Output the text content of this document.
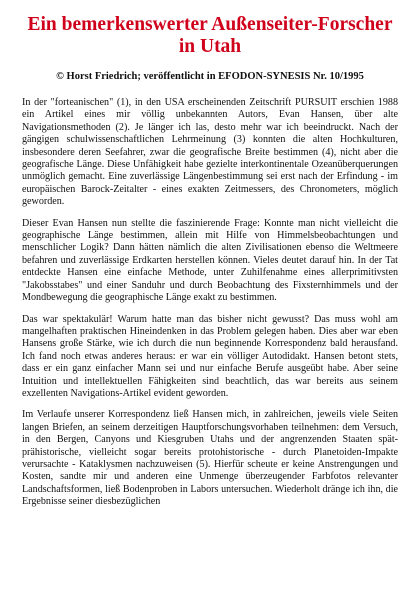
Ein bemerkenswerter Außenseiter-Forscher
in Utah
© Horst Friedrich; veröffentlicht in EFODON-SYNESIS Nr. 10/1995

In der "forteanischen" (1), in den USA erscheinenden Zeitschrift PURSUIT erschien 1988 ein Artikel eines mir völlig unbekannten Autors, Evan Hansen, über alte Navigationsmethoden (2). Je länger ich las, desto mehr war ich beeindruckt. Nach der gängigen schulwissenschaftlichen Lehrmeinung (3) konnten die alten Hochkulturen, insbesondere deren Seefahrer, zwar die geografische Breite bestimmen (4), nicht aber die geografische Länge. Diese Unfähigkeit habe gezielte interkontinentale Ozeanüberquerungen unmöglich gemacht. Eine zuverlässige Längenbestimmung sei erst nach der Erfindung - im europäischen Barock-Zeitalter - eines exakten Zeitmessers, des Chronometers, möglich geworden.

Dieser Evan Hansen nun stellte die faszinierende Frage: Konnte man nicht vielleicht die geographische Länge bestimmen, allein mit Hilfe von Himmelsbeobachtungen und menschlicher Logik? Dann hätten nämlich die alten Zivilisationen ebenso die Weltmeere befahren und zuverlässige Erdkarten herstellen können. Vieles deutet darauf hin. In der Tat entdeckte Hansen eine einfache Methode, unter Zuhilfenahme eines allerprimitivsten "Jakobsstabes" und einer Sanduhr und durch Beobachtung des Fixsternhimmels und der Mondbewegung die geographische Länge exakt zu bestimmen.

Das war spektakulär! Warum hatte man das bisher nicht gewusst? Das muss wohl am mangelhaften praktischen Hineindenken in das Problem gelegen haben. Dies aber war eben Hansens große Stärke, wie ich durch die nun beginnende Korrespondenz bald herausfand. Ich fand noch etwas anderes heraus: er war ein völliger Autodidakt. Hansen betont stets, dass er ein ganz einfacher Mann sei und nur einfache Berufe ausgeübt habe. Aber seine Intuition und intellektuellen Fähigkeiten sind beachtlich, das war bereits aus seinem exzellenten Navigations-Artikel evident geworden.

Im Verlaufe unserer Korrespondenz ließ Hansen mich, in zahlreichen, jeweils viele Seiten langen Briefen, an seinem derzeitigen Hauptforschungsvorhaben teilnehmen: dem Versuch, in den Bergen, Canyons und Kiesgruben Utahs und der angrenzenden Staaten spät-prähistorische, vielleicht sogar bereits protohistorische - durch Planetoiden-Impakte verursachte - Kataklysmen nachzuweisen (5). Hierfür scheute er keine Anstrengungen und Kosten, sandte mir und anderen eine Unmenge überzeugender Farbfotos relevanter Landschaftsformen, ließ Bodenproben in Labors untersuchen. Wiederholt dränge ich ihn, die Ergebnisse seiner diesbezüglichen
